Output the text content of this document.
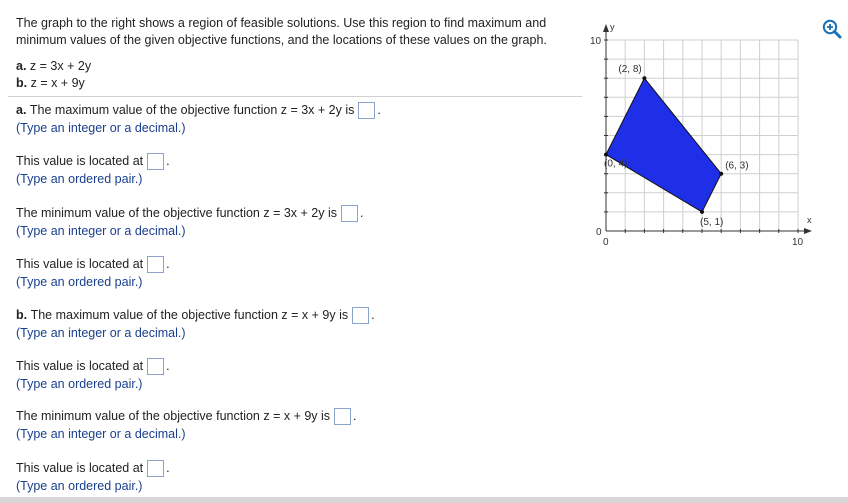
The graph to the right shows a region of feasible solutions. Use this region to find maximum and minimum values of the given objective functions, and the locations of these values on the graph.

a. z = 3x + 2y
b. z = x + 9y
a.
The maximum value of the objective function z = 3x + 2y is .
(Type an integer or a decimal.)
This value is located at .
(Type an ordered pair.)
The minimum value of the objective function z = 3x + 2y is .
(Type an integer or a decimal.)
This value is located at .
(Type an ordered pair.)
b.
The maximum value of the objective function z = x + 9y is .
(Type an integer or a decimal.)
This value is located at .
(Type an ordered pair.)
The minimum value of the objective function z = x + 9y is .
(Type an integer or a decimal.)
This value is located at .
(Type an ordered pair.)
(0, 4)
(2, 8)
(6, 3)
(5, 1)
10
0
0	10
y
x
